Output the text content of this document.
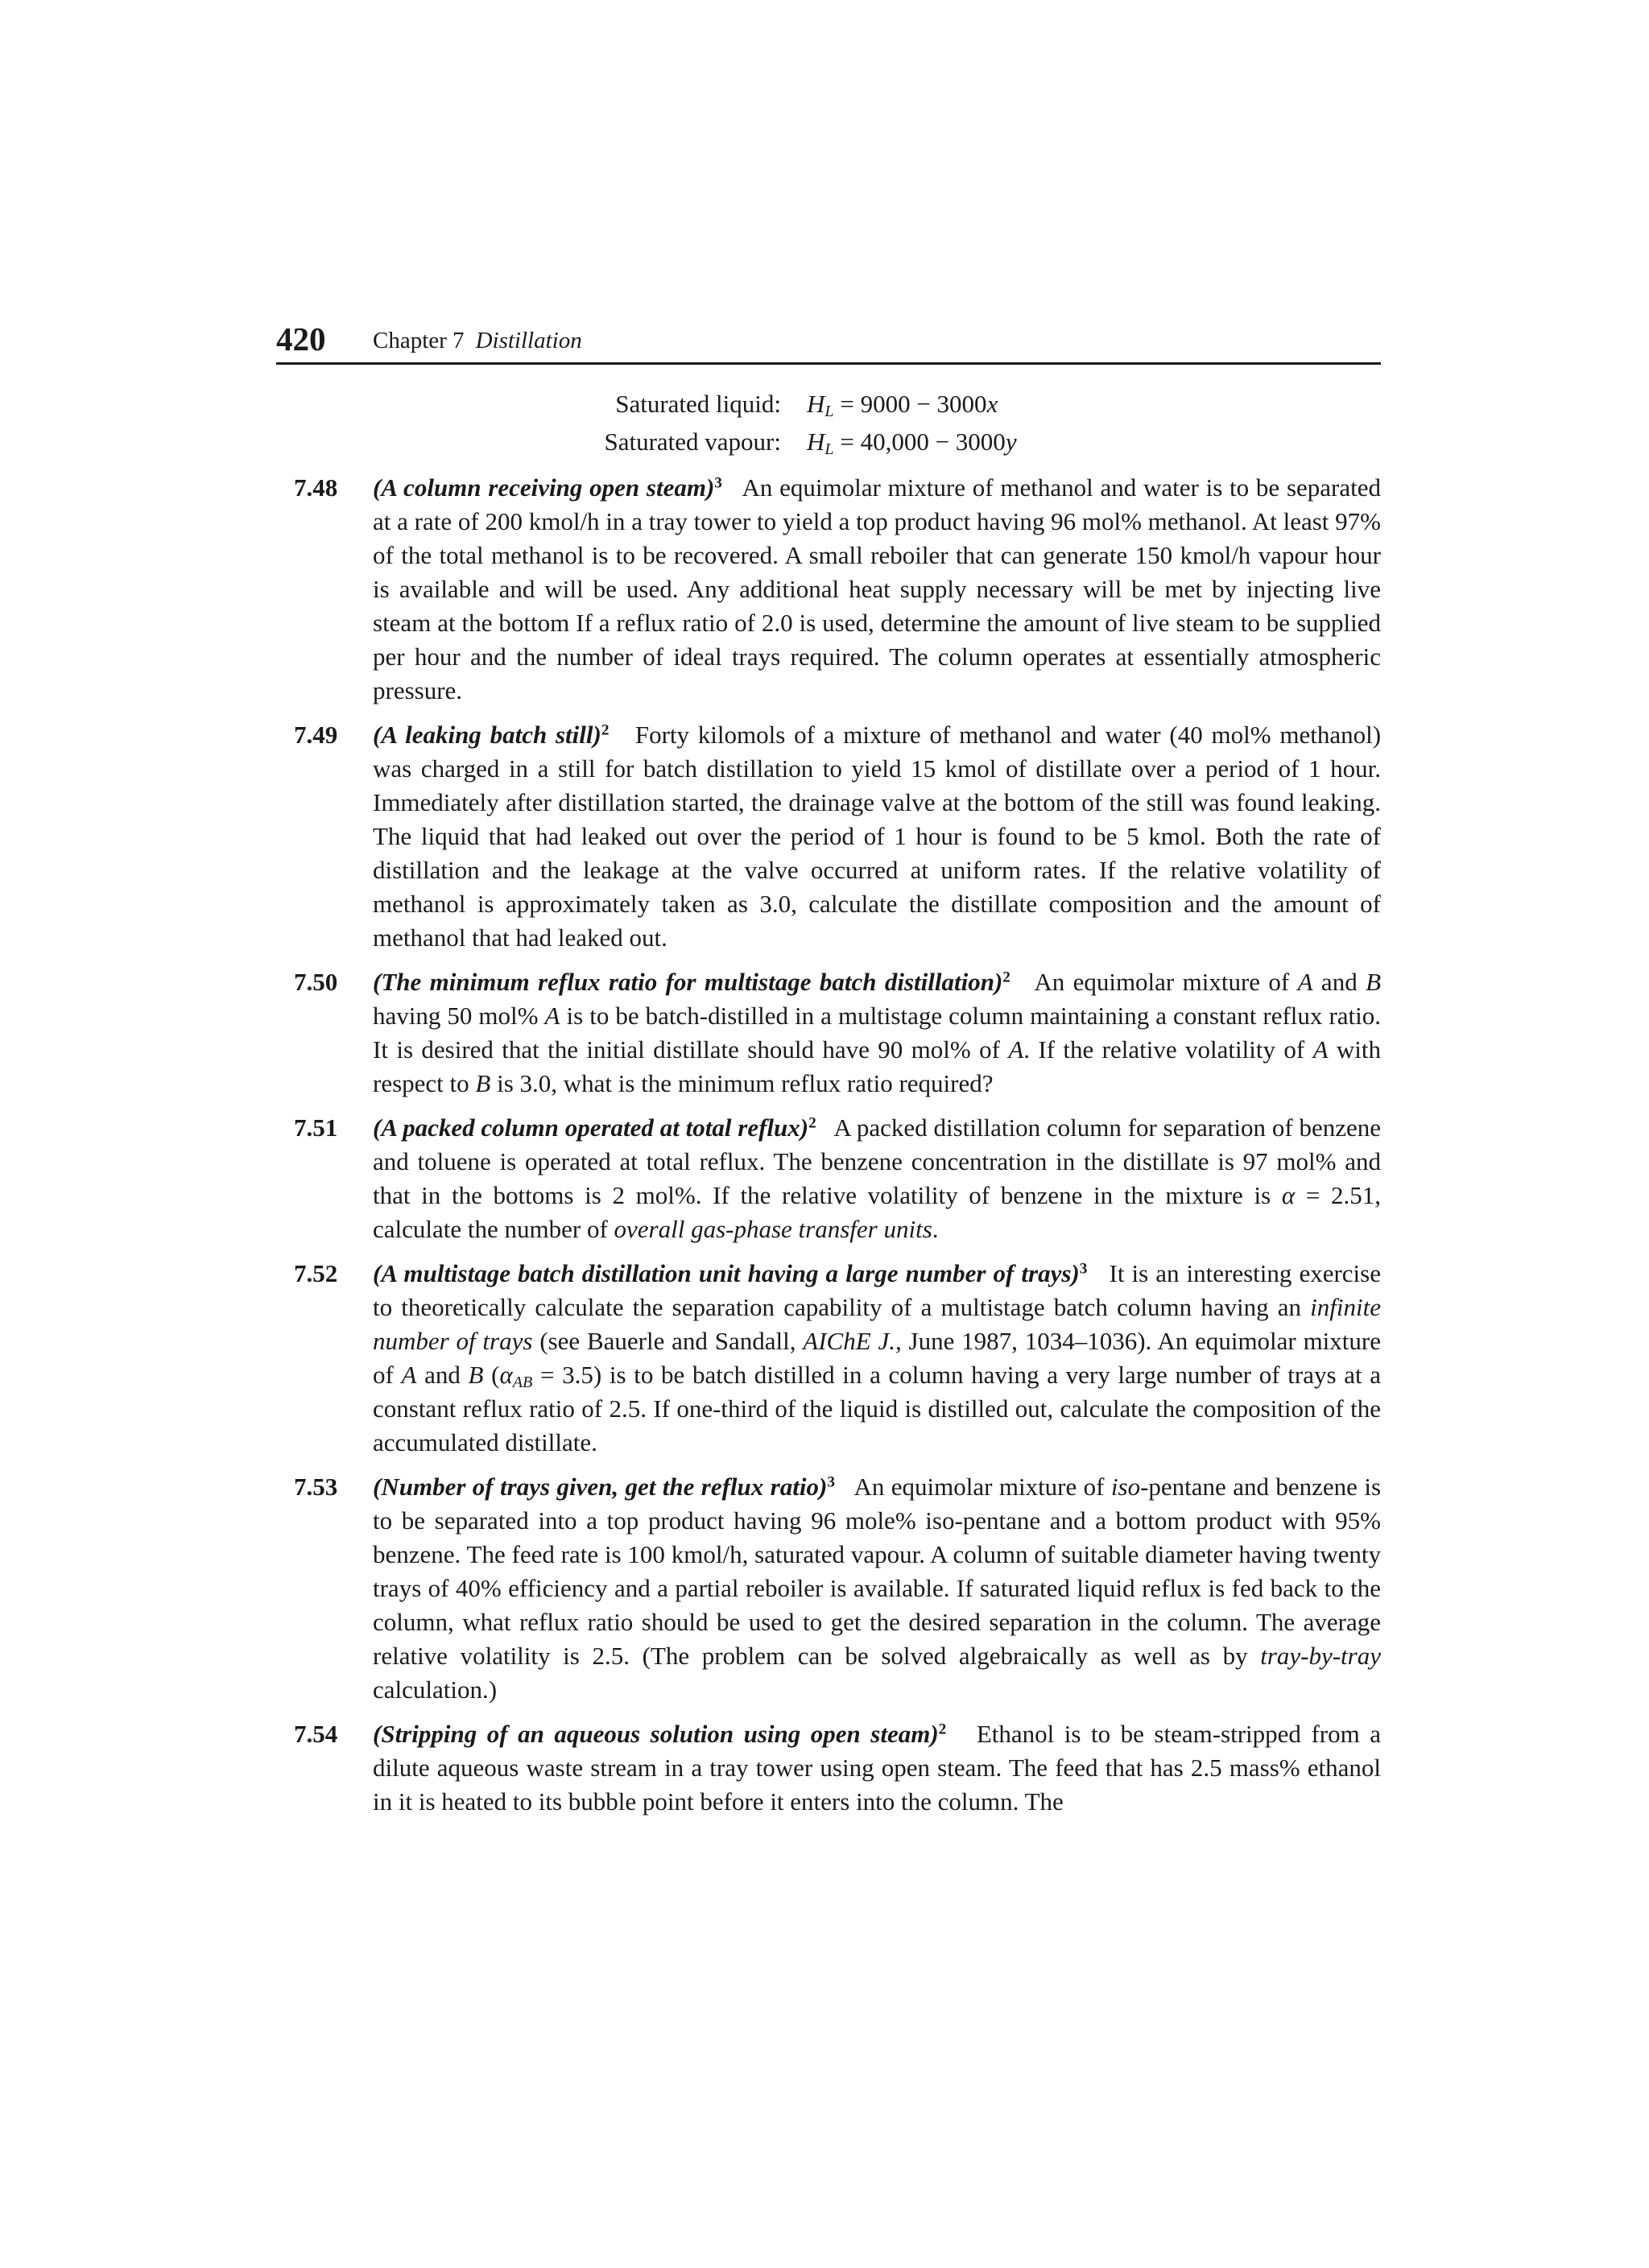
420 Chapter 7 Distillation
Saturated liquid:	$H_L = 9000 - 3000x$
Saturated vapour:	$H_L = 40,000 - 3000y$
7.48 (A column receiving open steam)$^3$ An equimolar mixture of methanol and water is to be separated at a rate of 200 kmol/h in a tray tower to yield a top product having 96 mol% methanol. At least 97% of the total methanol is to be recovered. A small reboiler that can generate 150 kmol/h vapour hour is available and will be used. Any additional heat supply necessary will be met by injecting live steam at the bottom If a reflux ratio of 2.0 is used, determine the amount of live steam to be supplied per hour and the number of ideal trays required. The column operates at essentially atmospheric pressure.
7.49 (A leaking batch still)$^2$ Forty kilomols of a mixture of methanol and water (40 mol% methanol) was charged in a still for batch distillation to yield 15 kmol of distillate over a period of 1 hour. Immediately after distillation started, the drainage valve at the bottom of the still was found leaking. The liquid that had leaked out over the period of 1 hour is found to be 5 kmol. Both the rate of distillation and the leakage at the valve occurred at uniform rates. If the relative volatility of methanol is approximately taken as 3.0, calculate the distillate composition and the amount of methanol that had leaked out.
7.50 (The minimum reflux ratio for multistage batch distillation)$^2$ An equimolar mixture of A and B having 50 mol% A is to be batch-distilled in a multistage column maintaining a constant reflux ratio. It is desired that the initial distillate should have 90 mol% of A. If the relative volatility of A with respect to B is 3.0, what is the minimum reflux ratio required?
7.51 (A packed column operated at total reflux)$^2$ A packed distillation column for separation of benzene and toluene is operated at total reflux. The benzene concentration in the distillate is 97 mol% and that in the bottoms is 2 mol%. If the relative volatility of benzene in the mixture is α = 2.51, calculate the number of overall gas-phase transfer units.
7.52 (A multistage batch distillation unit having a large number of trays)$^3$ It is an interesting exercise to theoretically calculate the separation capability of a multistage batch column having an infinite number of trays (see Bauerle and Sandall, AIChE J., June 1987, 1034–1036). An equimolar mixture of A and B $(\alpha_{AB} = 3.5)$ is to be batch distilled in a column having a very large number of trays at a constant reflux ratio of 2.5. If one-third of the liquid is distilled out, calculate the composition of the accumulated distillate.
7.53 (Number of trays given, get the reflux ratio)$^3$ An equimolar mixture of iso-pentane and benzene is to be separated into a top product having 96 mole% iso-pentane and a bottom product with 95% benzene. The feed rate is 100 kmol/h, saturated vapour. A column of suitable diameter having twenty trays of 40% efficiency and a partial reboiler is available. If saturated liquid reflux is fed back to the column, what reflux ratio should be used to get the desired separation in the column. The average relative volatility is 2.5. (The problem can be solved algebraically as well as by tray-by-tray calculation.)
7.54 (Stripping of an aqueous solution using open steam)$^2$ Ethanol is to be steam-stripped from a dilute aqueous waste stream in a tray tower using open steam. The feed that has 2.5 mass% ethanol in it is heated to its bubble point before it enters into the column. The
